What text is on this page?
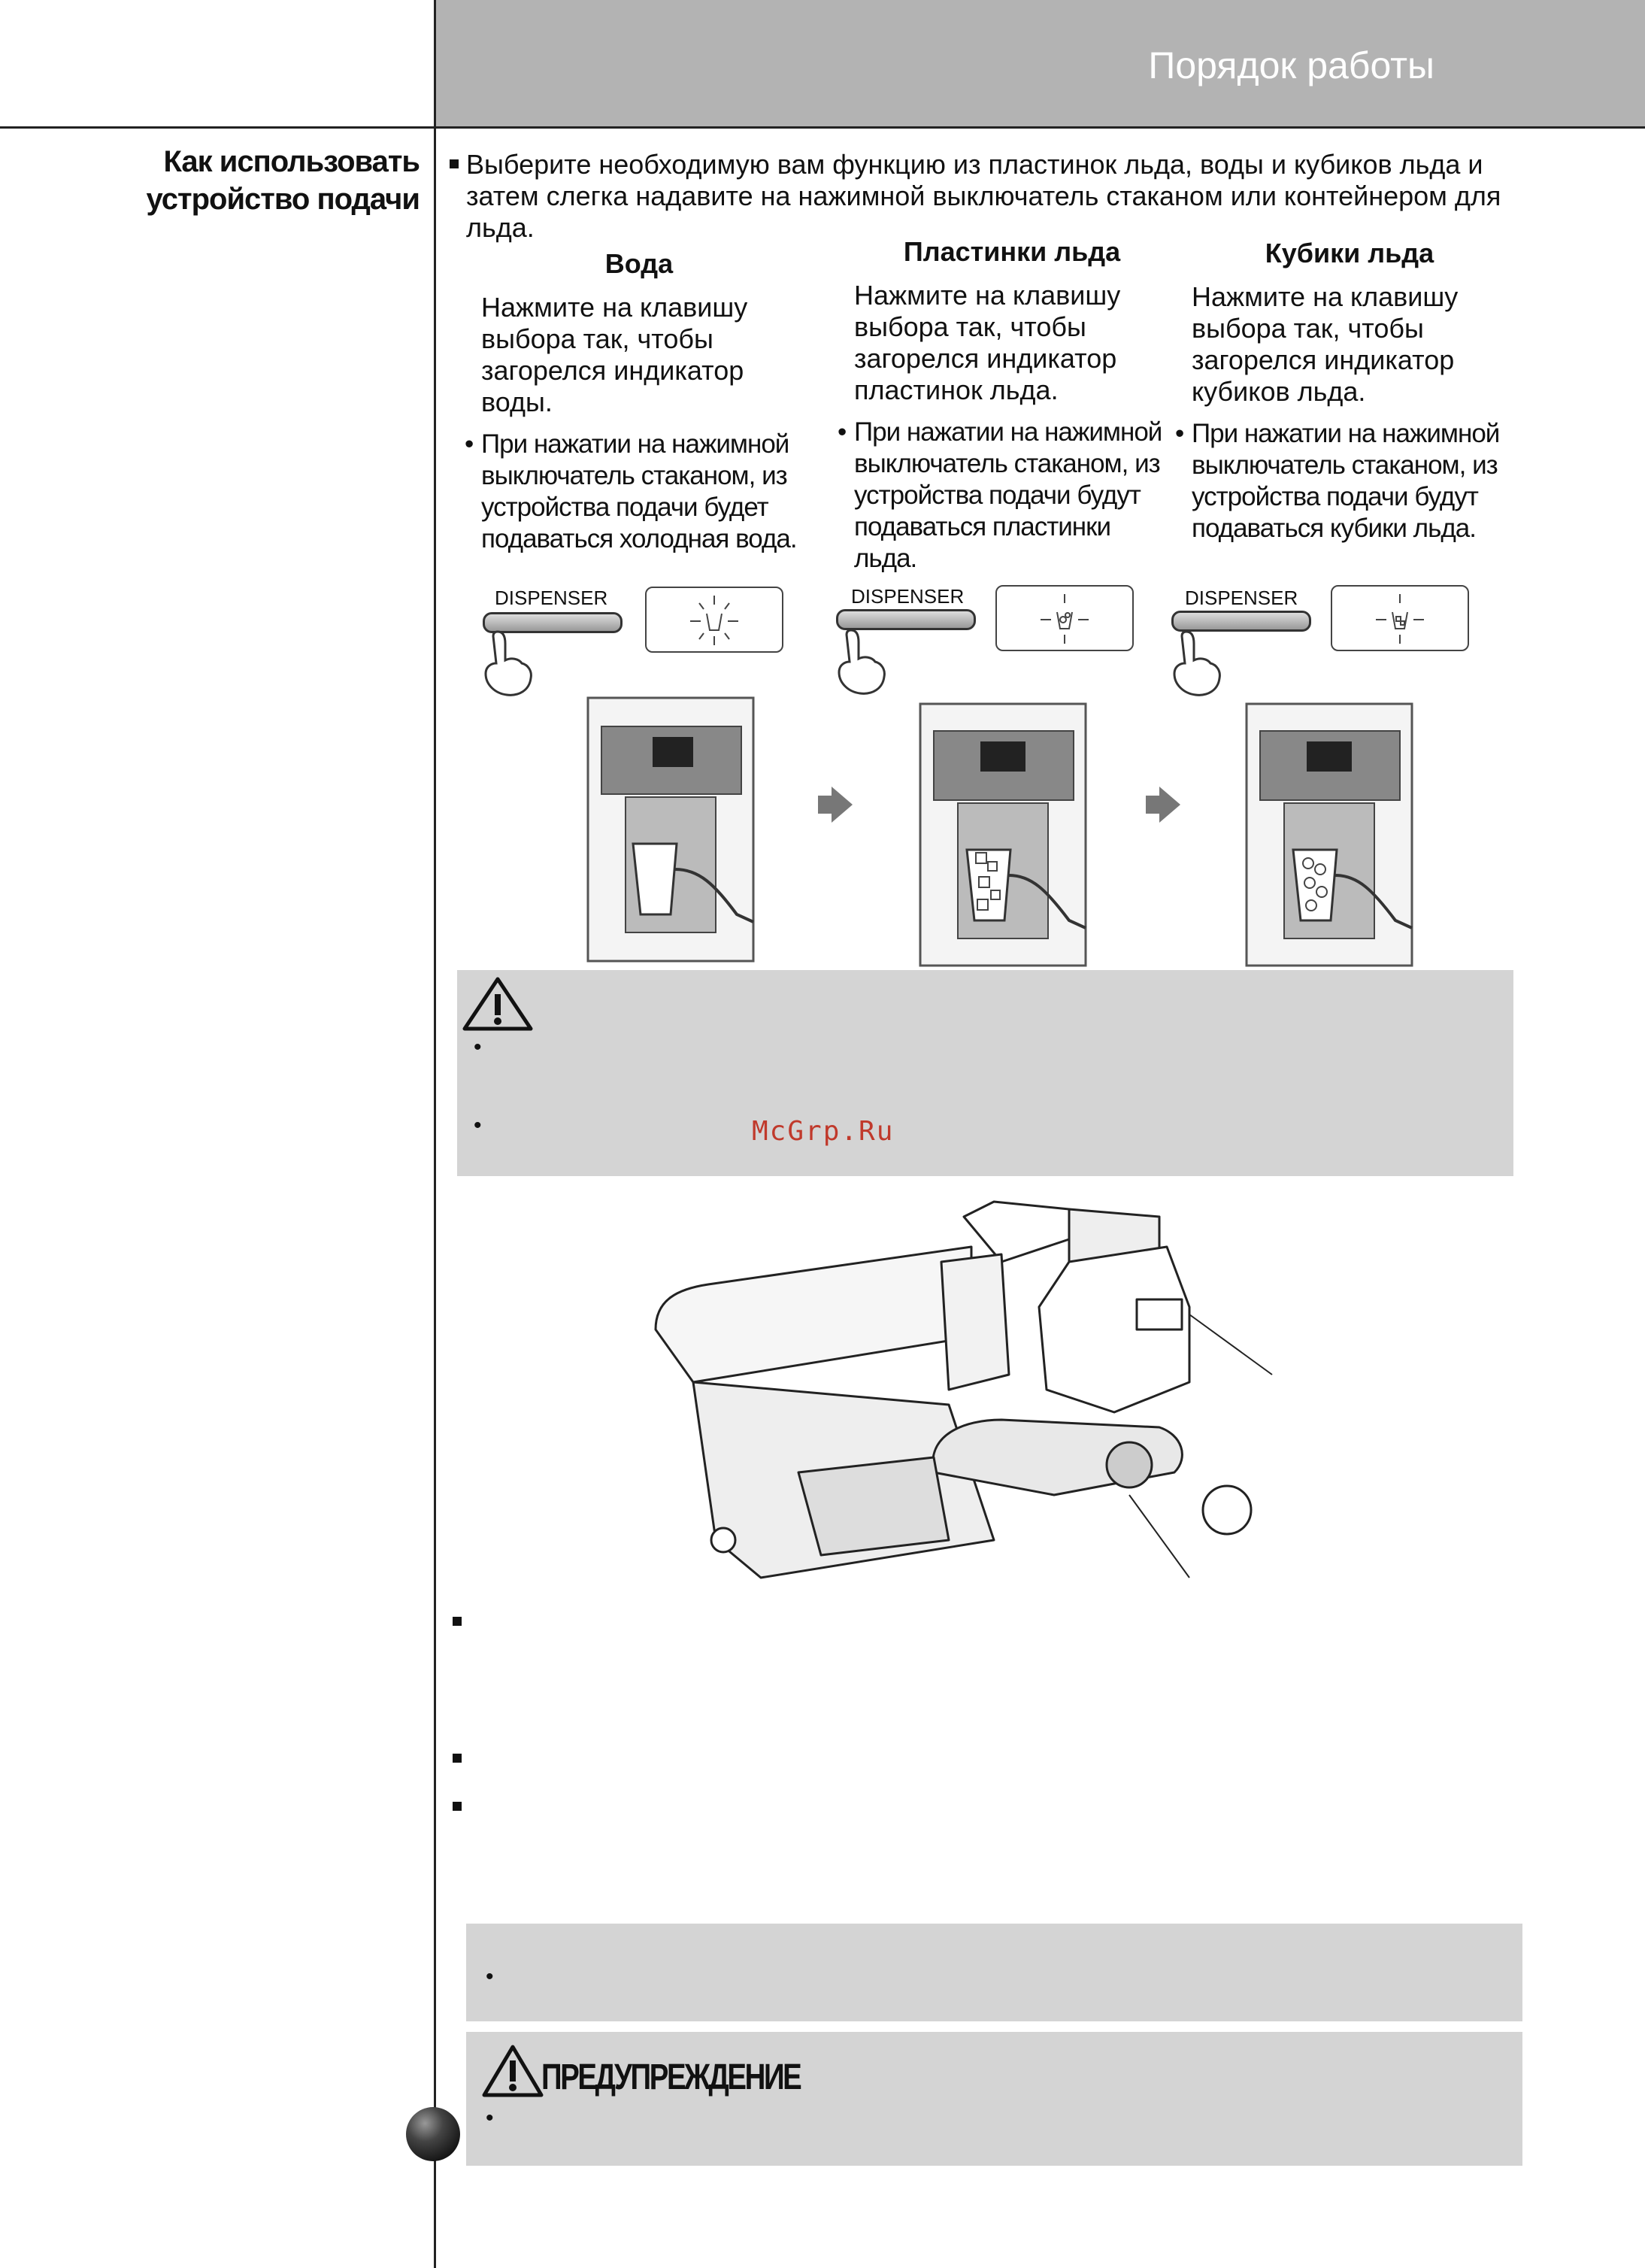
Порядок работы
Как использовать устройство подачи
Выберите необходимую вам функцию из пластинок льда, воды и кубиков льда и затем слегка надавите на нажимной выключатель стаканом или контейнером для льда.
Вода
Нажмите на клавишу выбора так, чтобы загорелся индикатор воды.
• При нажатии на нажимной выключатель стаканом, из устройства подачи будет подаваться холодная вода.
Пластинки льда
Нажмите на клавишу выбора так, чтобы загорелся индикатор пластинок льда.
• При нажатии на нажимной выключатель стаканом, из устройства подачи будут подаваться пластинки льда.
Кубики льда
Нажмите на клавишу выбора так, чтобы загорелся индикатор кубиков льда.
• При нажатии на нажимной выключатель стаканом, из устройства подачи будут подаваться кубики льда.
DISPENSER	DISPENSER	DISPENSER
•
•	McGrp.Ru
•
ПРЕДУПРЕЖДЕНИЕ
•
